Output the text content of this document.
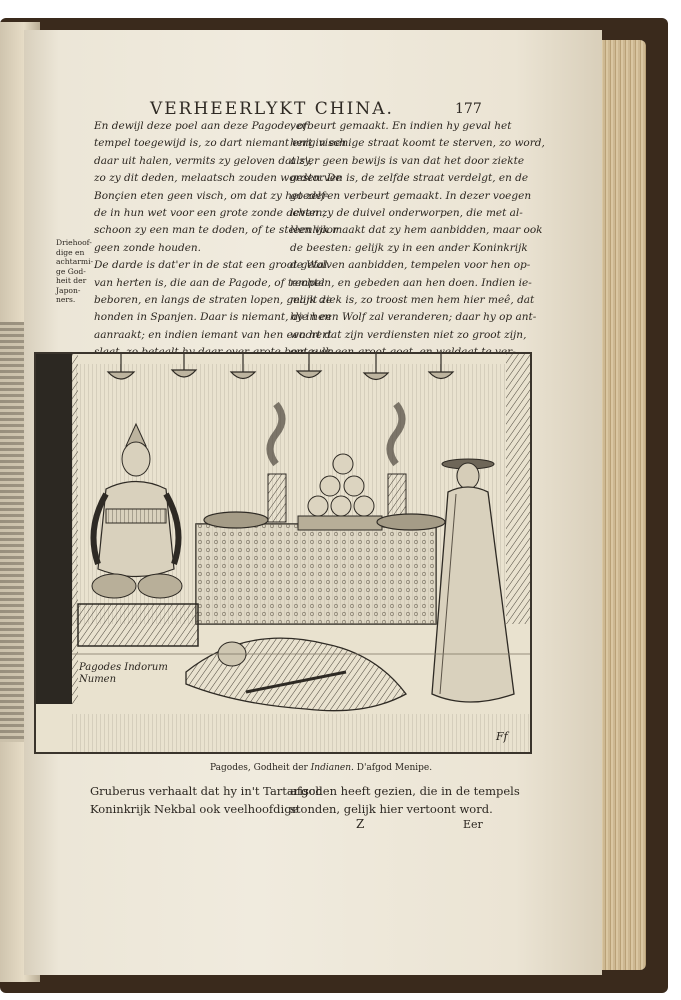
VERHEERLYKT CHINA.	177
En dewijl deze poel aan deze Pagode, of
tempel toegewijd is, zo dart niemant enig visch
daar uit halen, vermits zy geloven dat zy,
zo zy dit deden, melaatsch zouden worden. De
Bonçien eten geen visch, om dat zy het zelf-
de in hun wet voor een grote zonde achten,
schoon zy een man te doden, of te stelen voor
geen zonde houden.
De darde is dat'er in de stat een groot getal
van herten is, die aan de Pagode, of tempel
beboren, en langs de straten lopen, gelijk de
honden in Spanjen. Daar is niemant, die hen
aanraakt; en indien iemant van hen een hert
verbeurt gemaakt. En indien hy geval het
hert in eenige straat koomt te sterven, zo word,
als'er geen bewijs is van dat het door ziekte
gestorven is, de zelfde straat verdelgt, en de
goederen verbeurt gemaakt. In dezer voegen
leven zy de duivel onderworpen, die met al-
leenlijk maakt dat zy hem aanbidden, maar ook
de beesten: gelijk zy in een ander Koninkrijk
de Wolven aanbidden, tempelen voor hen op-
rechten, en gebeden aan hen doen. Indien ie-
mant ziek is, zo troost men hem hier meê, dat
hy in een Wolf zal veranderen; daar hy op ant-
woort dat zijn verdiensten niet zo groot zijn,
Driehoof-
dige en
achtarmi-
ge God-
heit der
Japon-
ners.
Pagodes Indorum
Numen
Ff
Pagodes, Godheit der Indianen. D'afgod Menipe.
Gruberus verhaalt dat hy in't Tartarisch
Koninkrijk Nekbal ook veelhoofdige
afgoden heeft gezien, die in de tempels
stonden, gelijk hier vertoont word.
Z	Eer
